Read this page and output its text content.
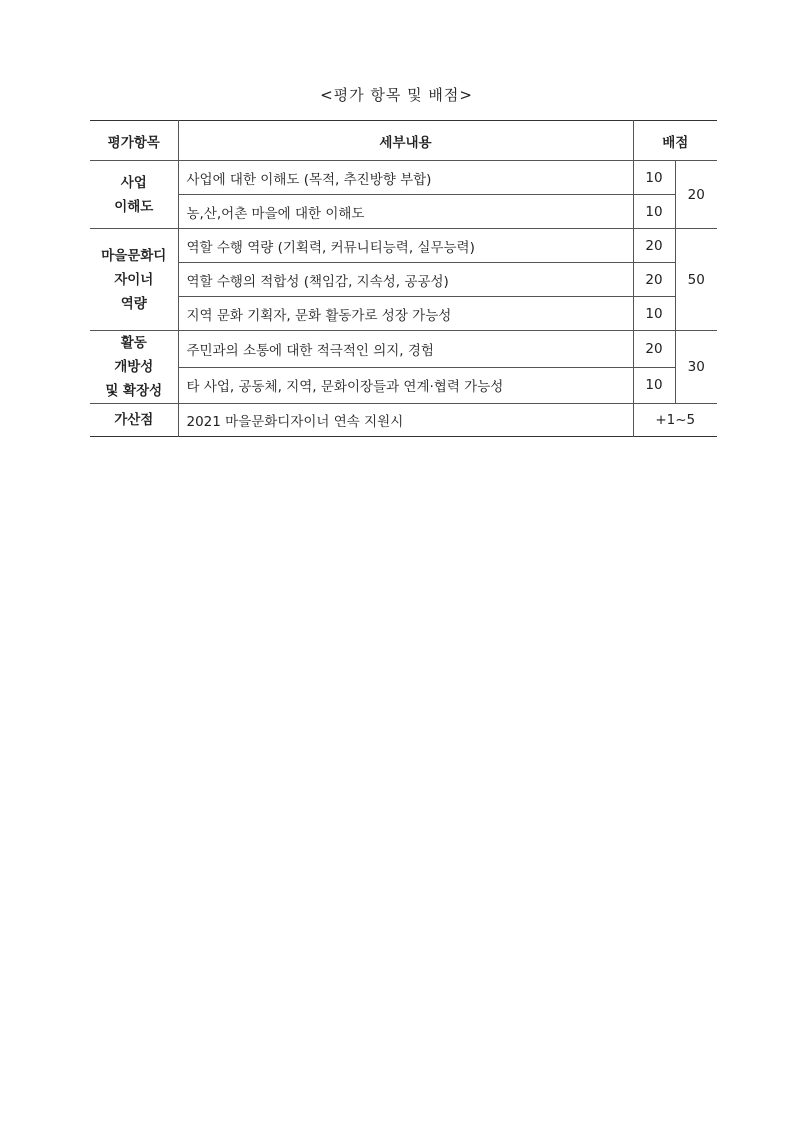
<평가 항목 및 배점>
평가항목	세부내용	배점	

사업
이해도	사업에 대한 이해도 (목적, 추진방향 부합)	10	20
	농,산,어촌 마을에 대한 이해도	10	

마을문화디
자이너
역량	역할 수행 역량 (기획력, 커뮤니티능력, 실무능력)	20	50
	역할 수행의 적합성 (책임감, 지속성, 공공성)	20	
	지역 문화 기획자, 문화 활동가로 성장 가능성	10	

활동
개방성
및 확장성	주민과의 소통에 대한 적극적인 의지, 경험	20	30
	타 사업, 공동체, 지역, 문화이장들과 연계·협력 가능성	10	
가산점	2021 마을문화디자이너 연속 지원시	+1~5	
